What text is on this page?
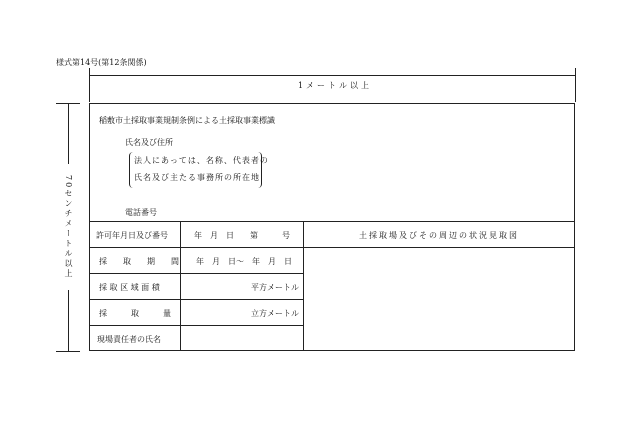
様式第14号(第12条関係)
1メートル以上
70センチメートル以上
稲敷市土採取事業規制条例による土採取事業標識
氏名及び住所
法人にあっては、名称、代表者の
氏名及び主たる事務所の所在地
電話番号
許可年月日及び番号	年　月　日　　第　　　号	土採取場及びその周辺の状況見取図
採　　取　　期　　間 年　月　日〜　年　月　日
採 取 区 域 面 積	平方メートル
採　　　取　　　量	立方メートル
現場責任者の氏名
